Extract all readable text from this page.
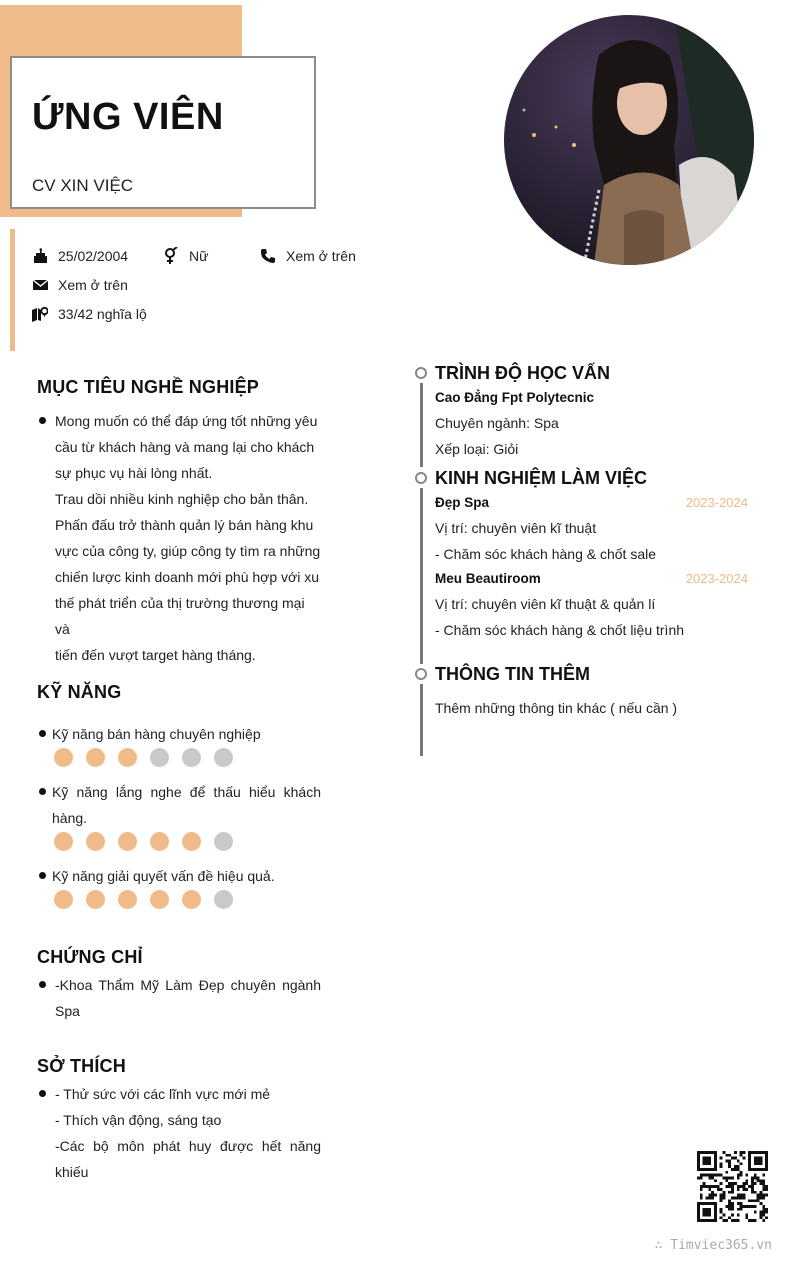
ỨNG VIÊN
CV XIN VIỆC
25/02/2004	Nữ	Xem ở trên
Xem ở trên
33/42 nghĩa lộ
MỤC TIÊU NGHỀ NGHIỆP
Mong muốn có thể đáp ứng tốt những yêu
cầu từ khách hàng và mang lại cho khách
sự phục vụ hài lòng nhất.
Trau dồi nhiều kinh nghiệp cho bản thân.
Phấn đấu trở thành quản lý bán hàng khu
vực của công ty, giúp công ty tìm ra những
chiến lược kinh doanh mới phù hợp với xu
thế phát triển của thị trường thương mại và
tiến đến vượt target hàng tháng.
KỸ NĂNG
Kỹ năng bán hàng chuyên nghiệp
Kỹ năng lắng nghe để thấu hiểu khách
hàng.
Kỹ năng giải quyết vấn đề hiệu quả.
CHỨNG CHỈ
-Khoa Thẩm Mỹ Làm Đẹp chuyên ngành
Spa
SỞ THÍCH
- Thử sức với các lĩnh vực mới mẻ
- Thích vận động, sáng tạo
-Các bộ môn phát huy được hết năng
khiếu
TRÌNH ĐỘ HỌC VẤN
Cao Đẳng Fpt Polytecnic
Chuyên ngành: Spa
Xếp loại: Giỏi
KINH NGHIỆM LÀM VIỆC
Đẹp Spa	2023-2024
Vị trí: chuyên viên kĩ thuật
- Chăm sóc khách hàng & chốt sale
Meu Beautiroom	2023-2024
Vị trí: chuyên viên kĩ thuật & quản lí
- Chăm sóc khách hàng & chốt liệu trình
THÔNG TIN THÊM
Thêm những thông tin khác ( nếu cần )
∴ Timviec365.vn
